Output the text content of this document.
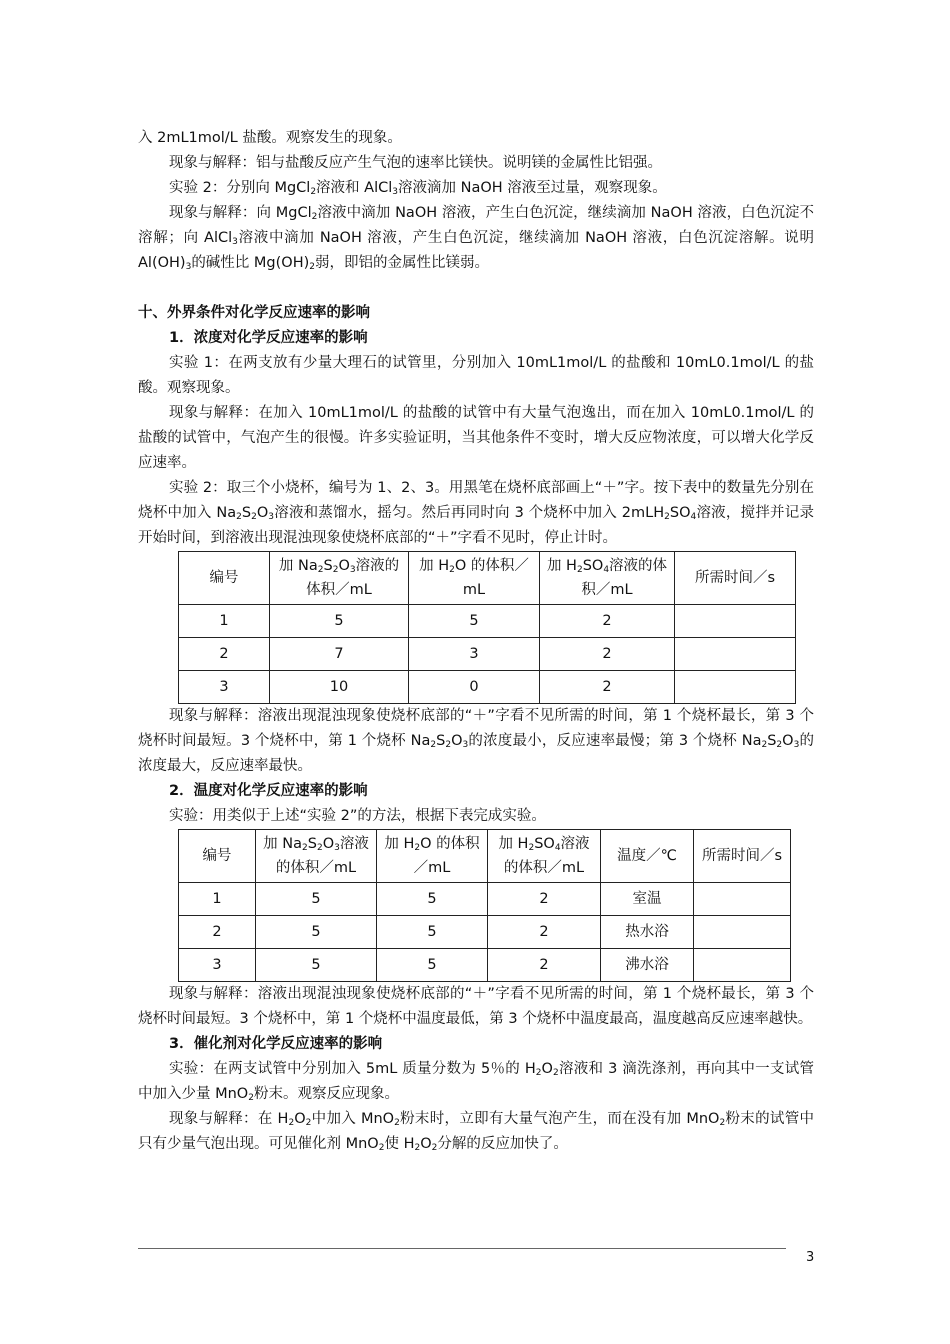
入 2mL1mol/L 盐酸。观察发生的现象。

现象与解释：铝与盐酸反应产生气泡的速率比镁快。说明镁的金属性比铝强。

实验 2：分别向 MgCl$_2$溶液和 AlCl$_3$溶液滴加 NaOH 溶液至过量，观察现象。

现象与解释：向 MgCl$_2$溶液中滴加 NaOH 溶液，产生白色沉淀，继续滴加 NaOH 溶液，白色沉淀不溶解；向 AlCl$_3$溶液中滴加 NaOH 溶液，产生白色沉淀，继续滴加 NaOH 溶液，白色沉淀溶解。说明 $Al(OH)_3$的碱性比 $Mg(OH)_2$弱，即铝的金属性比镁弱。

十、外界条件对化学反应速率的影响

1．浓度对化学反应速率的影响

实验 1：在两支放有少量大理石的试管里，分别加入 10mL1mol/L 的盐酸和 10mL0.1mol/L 的盐酸。观察现象。

现象与解释：在加入 10mL1mol/L 的盐酸的试管中有大量气泡逸出，而在加入 10mL0.1mol/L 的盐酸的试管中，气泡产生的很慢。许多实验证明，当其他条件不变时，增大反应物浓度，可以增大化学反应速率。

实验 2：取三个小烧杯，编号为 1、2、3。用黑笔在烧杯底部画上“＋”字。按下表中的数量先分别在烧杯中加入 $Na_2S_2O_3$溶液和蒸馏水，摇匀。然后再同时向 3 个烧杯中加入 $2mLH_2SO_4$溶液，搅拌并记录开始时间，到溶液出现混浊现象使烧杯底部的“＋”字看不见时，停止计时。

编号	加 $Na_2S_2O_3$溶液的体积／mL	加 $H_2O$ 的体积／mL	加 $H_2SO_4$溶液的体积／mL	所需时间／s
1	5	5	2	
2	7	3	2	
3	10	0	2	

现象与解释：溶液出现混浊现象使烧杯底部的“＋”字看不见所需的时间，第 1 个烧杯最长，第 3 个烧杯时间最短。3 个烧杯中，第 1 个烧杯 $Na_2S_2O_3$的浓度最小，反应速率最慢；第 3 个烧杯 $Na_2S_2O_3$的浓度最大，反应速率最快。

2．温度对化学反应速率的影响

实验：用类似于上述“实验 2”的方法，根据下表完成实验。

编号	加 $Na_2S_2O_3$溶液的体积／mL	加 $H_2O$ 的体积／mL	加 $H_2SO_4$溶液的体积／mL	温度／℃	所需时间／s
1	5	5	2	室温	
2	5	5	2	热水浴	
3	5	5	2	沸水浴	

现象与解释：溶液出现混浊现象使烧杯底部的“＋”字看不见所需的时间，第 1 个烧杯最长，第 3 个烧杯时间最短。3 个烧杯中，第 1 个烧杯中温度最低，第 3 个烧杯中温度最高，温度越高反应速率越快。

3．催化剂对化学反应速率的影响

实验：在两支试管中分别加入 5mL 质量分数为 5％的 $H_2O_2$溶液和 3 滴洗涤剂，再向其中一支试管中加入少量 MnO$_2$粉末。观察反应现象。

现象与解释：在 $H_2O_2$中加入 MnO$_2$粉末时，立即有大量气泡产生，而在没有加 MnO$_2$粉末的试管中只有少量气泡出现。可见催化剂 MnO$_2$使 $H_2O_2$分解的反应加快了。

3
